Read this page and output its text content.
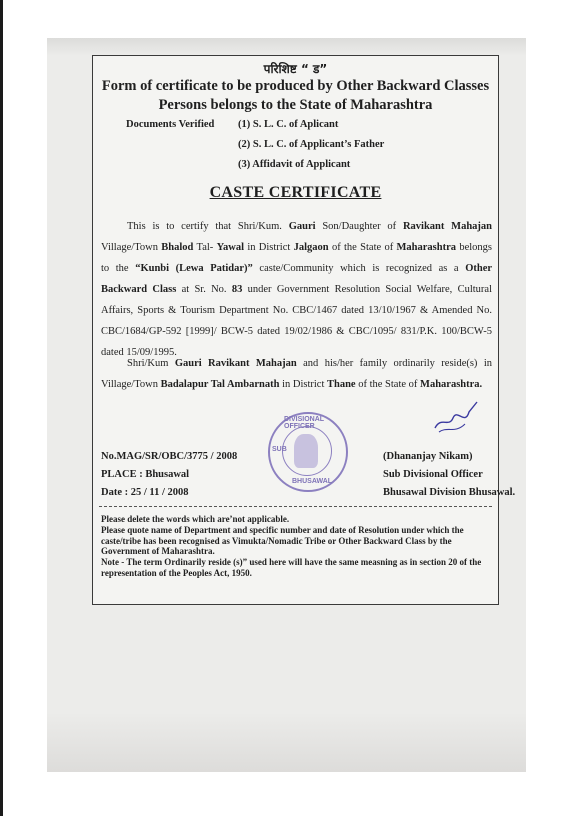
परिशिष्ट “ ड”
Form of certificate to be produced by Other Backward Classes
Persons belongs to the State of Maharashtra
Documents Verified (1) S. L. C. of Aplicant
(2) S. L. C. of Applicant’s Father
(3) Affidavit of Applicant
CASTE CERTIFICATE

This is to certify that Shri/Kum. Gauri Son/Daughter of Ravikant Mahajan Village/Town Bhalod Tal- Yawal in District Jalgaon of the State of Maharashtra belongs to the “Kunbi (Lewa Patidar)” caste/Community which is recognized as a Other Backward Class at Sr. No. 83 under Government Resolution Social Welfare, Cultural Affairs, Sports & Tourism Department No. CBC/1467 dated 13/10/1967 & Amended No. CBC/1684/GP-592 [1999]/ BCW-5 dated 19/02/1986 & CBC/1095/ 831/P.K. 100/BCW-5 dated 15/09/1995.

Shri/Kum Gauri Ravikant Mahajan and his/her family ordinarily reside(s) in Village/Town Badalapur Tal Ambarnath in District Thane of the State of Maharashtra.

DIVISIONAL OFFICER
SUB
BHUSAWAL
No.MAG/SR/OBC/3775 / 2008
PLACE : Bhusawal
Date : 25 / 11 / 2008
(Dhananjay Nikam)
Sub Divisional Officer
Bhusawal Division Bhusawal.
Please delete the words which are’not applicable.
Please quote name of Department and specific number and date of Resolution under which the caste/tribe has been recognised as Vimukta/Nomadic Tribe or Other Backward Class by the Government of Maharashtra.
Note - The term Ordinarily reside (s)” used here will have the same measning as in section 20 of the representation of the Peoples Act, 1950.
